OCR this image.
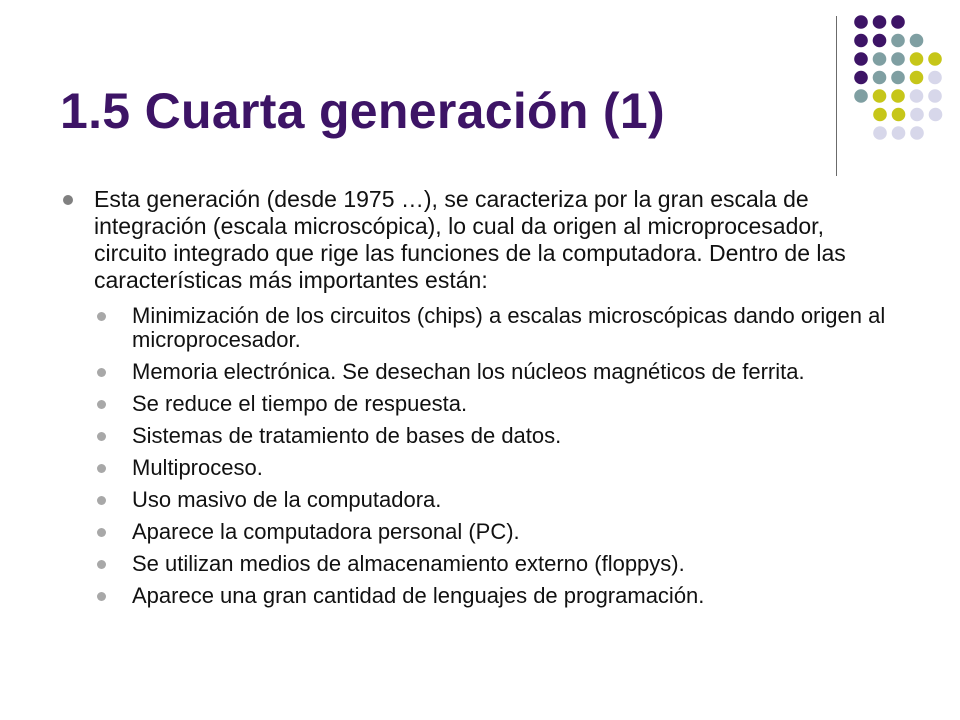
1.5 Cuarta generación (1)
Esta generación (desde 1975 …), se caracteriza por la gran escala de integración (escala microscópica), lo cual da origen al microprocesador, circuito integrado que rige las funciones de la computadora. Dentro de las características más importantes están:
Minimización de los circuitos (chips) a escalas microscópicas dando origen al microprocesador.
Memoria electrónica. Se desechan los núcleos magnéticos de ferrita.
Se reduce el tiempo de respuesta.
Sistemas de tratamiento de bases de datos.
Multiproceso.
Uso masivo de la computadora.
Aparece la computadora personal (PC).
Se utilizan medios de almacenamiento externo (floppys).
Aparece una gran cantidad de lenguajes de programación.
